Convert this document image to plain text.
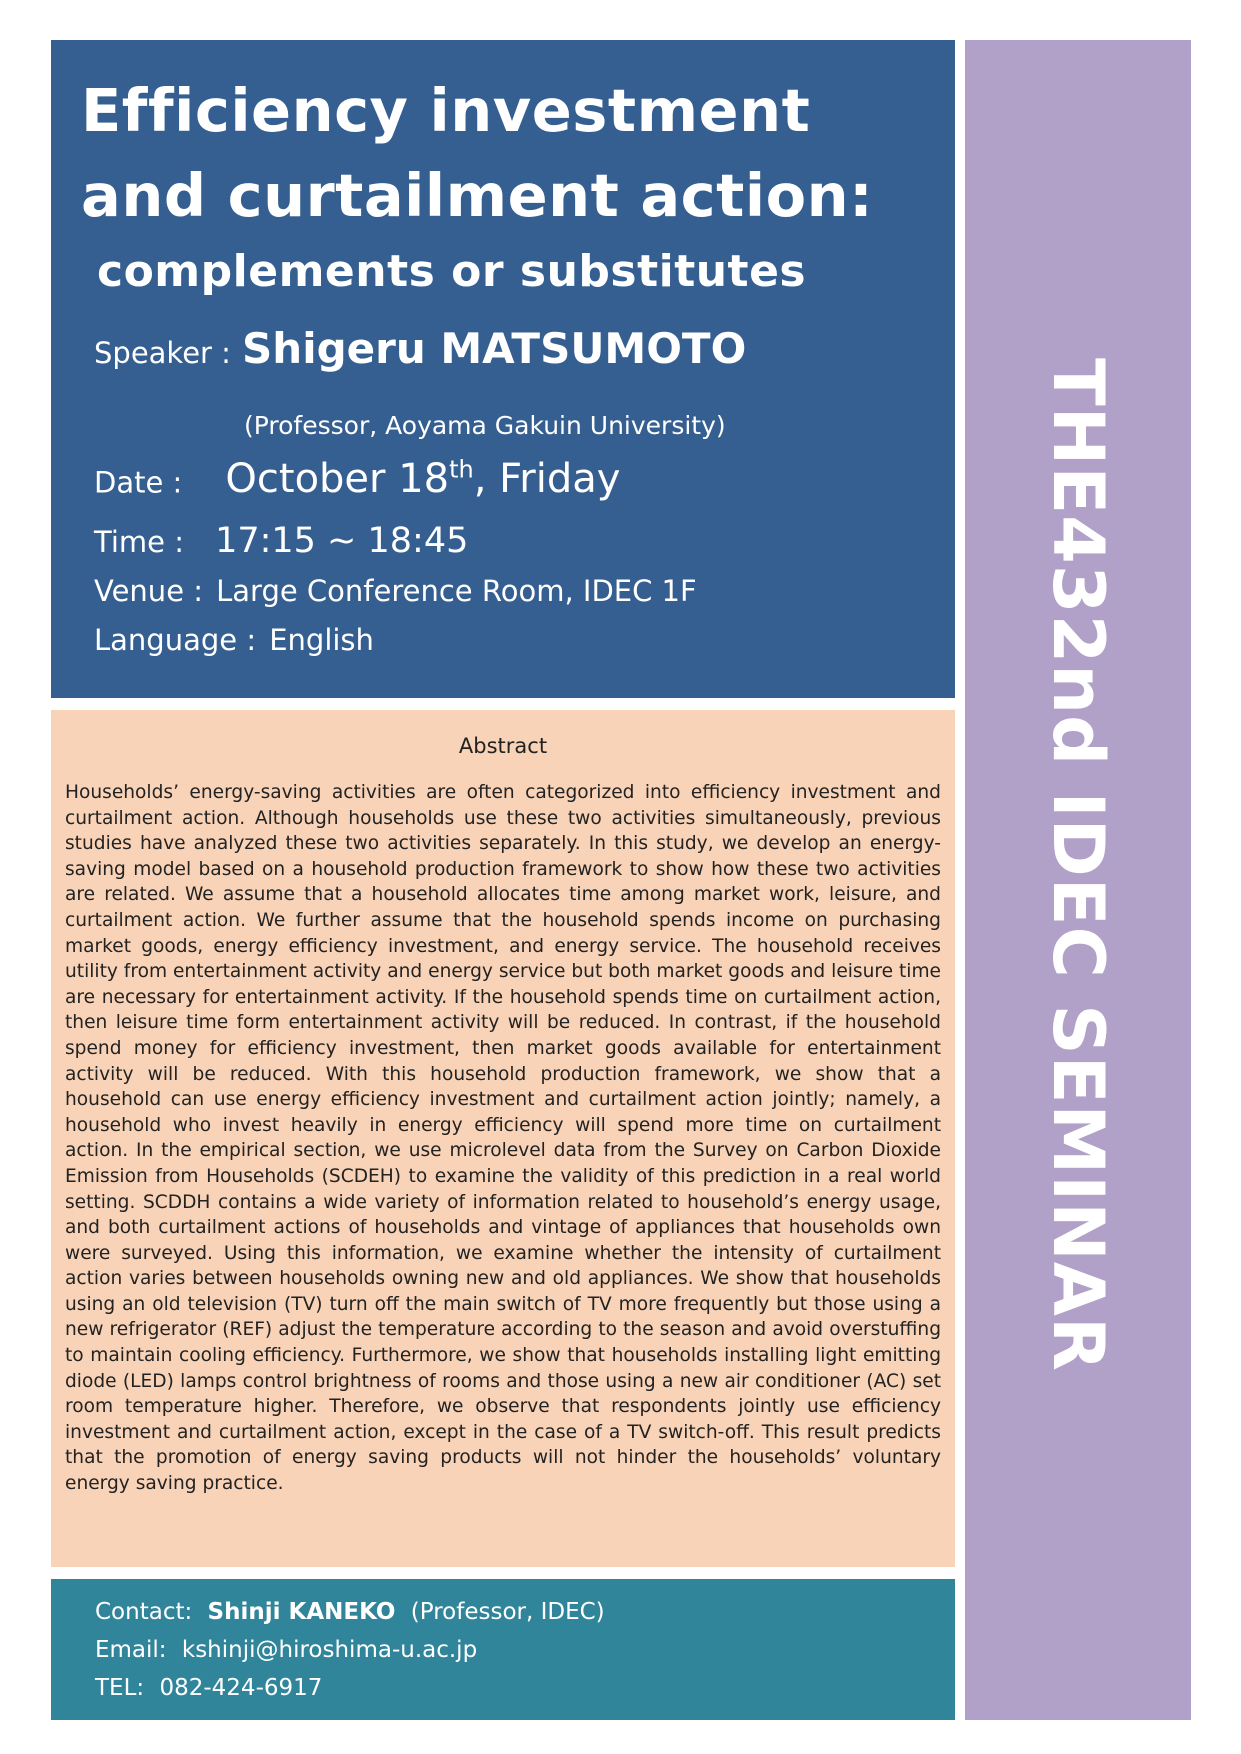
Efficiency investment
and curtailment action:
complements or substitutes
Speaker : Shigeru MATSUMOTO
(Professor, Aoyama Gakuin University)
Date : October 18th, Friday
Time : 17:15 ~ 18:45
Venue : Large Conference Room, IDEC 1F
Language : English	THE432nd IDEC SEMINAR
Abstract
Households’ energy-saving activities are often categorized into efficiency investment and curtailment action. Although households use these two activities simultaneously, previous studies have analyzed these two activities separately. In this study, we develop an energy-saving model based on a household production framework to show how these two activities are related. We assume that a household allocates time among market work, leisure, and curtailment action. We further assume that the household spends income on purchasing market goods, energy efficiency investment, and energy service. The household receives utility from entertainment activity and energy service but both market goods and leisure time are necessary for entertainment activity. If the household spends time on curtailment action, then leisure time form entertainment activity will be reduced. In contrast, if the household spend money for efficiency investment, then market goods available for entertainment activity will be reduced. With this household production framework, we show that a household can use energy efficiency investment and curtailment action jointly; namely, a household who invest heavily in energy efficiency will spend more time on curtailment action. In the empirical section, we use microlevel data from the Survey on Carbon Dioxide Emission from Households (SCDEH) to examine the validity of this prediction in a real world setting. SCDDH contains a wide variety of information related to household’s energy usage, and both curtailment actions of households and vintage of appliances that households own were surveyed. Using this information, we examine whether the intensity of curtailment action varies between households owning new and old appliances. We show that households using an old television (TV) turn off the main switch of TV more frequently but those using a new refrigerator (REF) adjust the temperature according to the season and avoid overstuffing to maintain cooling efficiency. Furthermore, we show that households installing light emitting diode (LED) lamps control brightness of rooms and those using a new air conditioner (AC) set room temperature higher. Therefore, we observe that respondents jointly use efficiency investment and curtailment action, except in the case of a TV switch-off. This result predicts that the promotion of energy saving products will not hinder the households’ voluntary energy saving practice.
Contact: Shinji KANEKO (Professor, IDEC)
Email: kshinji@hiroshima-u.ac.jp
TEL: 082-424-6917
